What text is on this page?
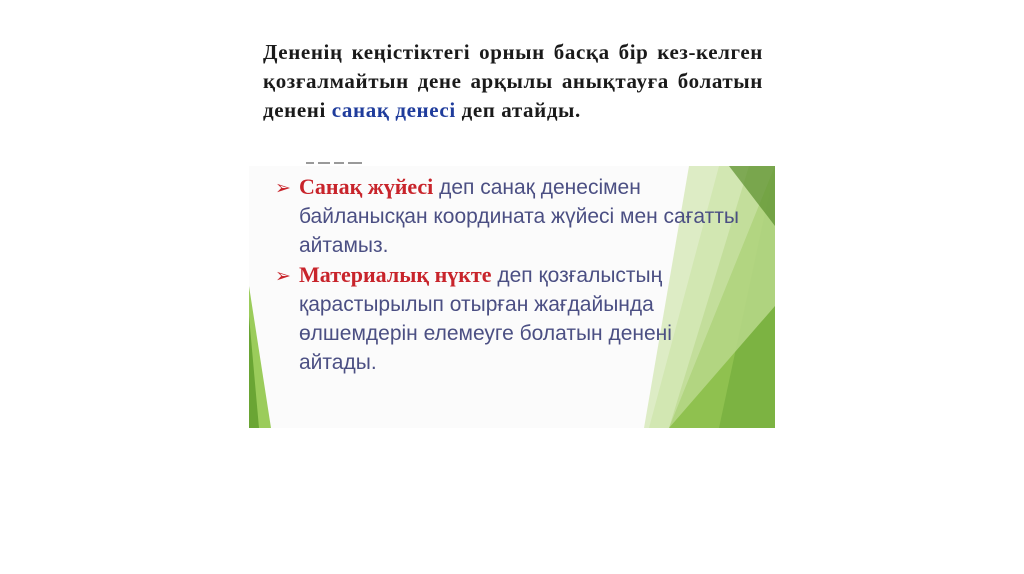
Дененің кеңістіктегі орнын басқа бір кез-келген қозғалмайтын дене арқылы анықтауға болатын денені санақ денесі деп атайды.

➢ Санақ жүйесі деп санақ денесімен
байланысқан координата жүйесі мен сағатты
айтамыз.
➢ Материалық нүкте деп қозғалыстың
қарастырылып отырған жағдайында
өлшемдерін елемеуге болатын денені
айтады.
